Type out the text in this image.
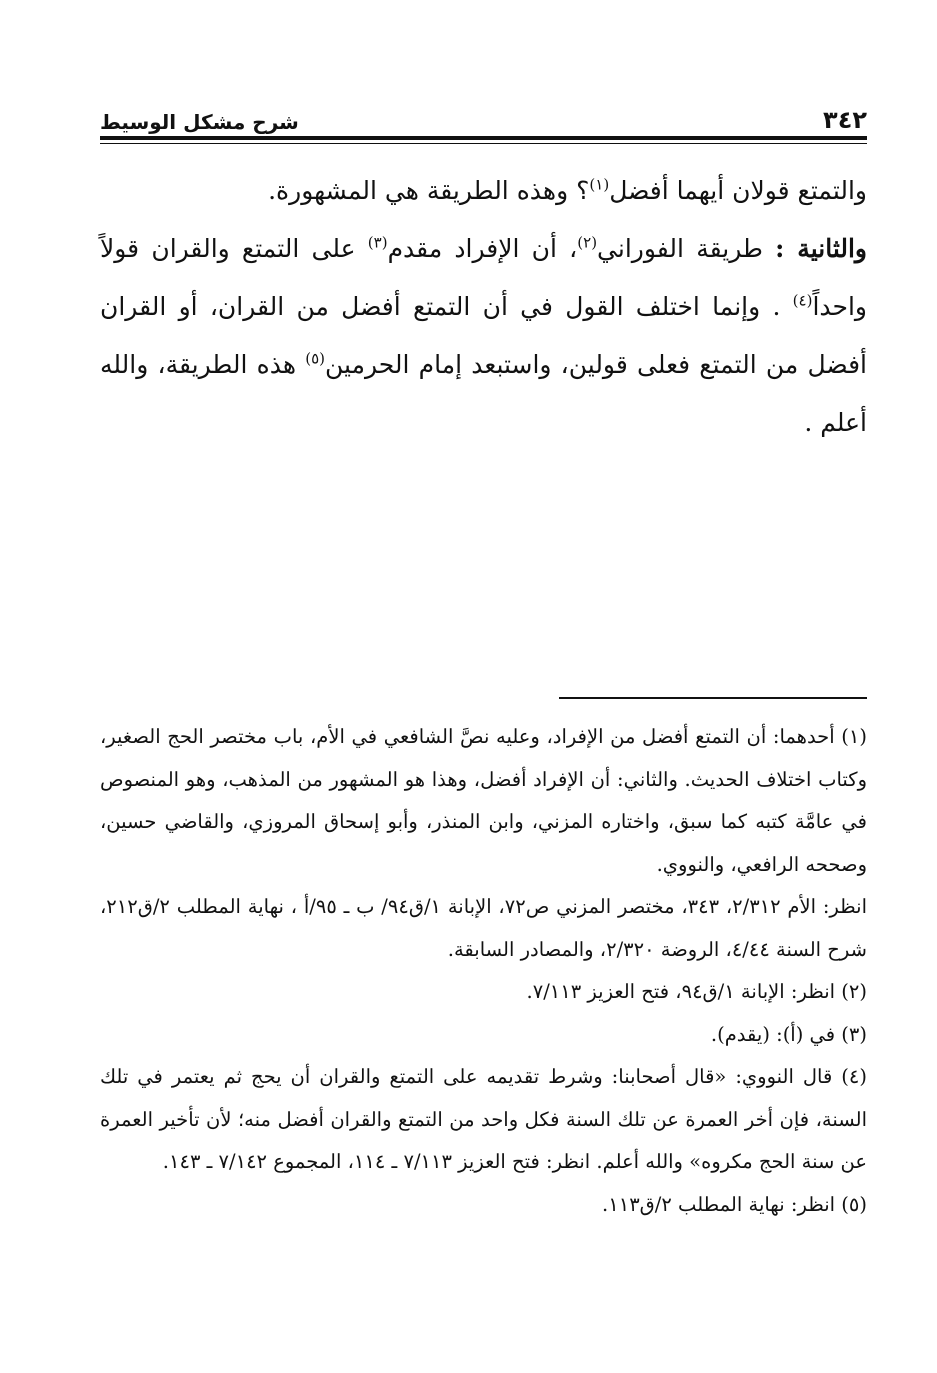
٣٤٢
شرح مشكل الوسيط

والتمتع قولان أيهما أفضل$^{(١)}$؟ وهذه الطريقة هي المشهورة.

والثانية : طريقة الفوراني$^{(٢)}$، أن الإفراد مقدم$^{(٣)}$ على التمتع والقران قولاً واحداً$^{(٤)}$ . وإنما اختلف القول في أن التمتع أفضل من القران، أو القران أفضل من التمتع فعلى قولين، واستبعد إمام الحرمين$^{(٥)}$ هذه الطريقة، والله أعلم .

(١) أحدهما: أن التمتع أفضل من الإفراد، وعليه نصَّ الشافعي في الأم، باب مختصر الحج الصغير، وكتاب اختلاف الحديث. والثاني: أن الإفراد أفضل، وهذا هو المشهور من المذهب، وهو المنصوص في عامَّة كتبه كما سبق، واختاره المزني، وابن المنذر، وأبو إسحاق المروزي، والقاضي حسين، وصححه الرافعي، والنووي.

انظر: الأم ٢/٣١٢، ٣٤٣، مختصر المزني ص٧٢، الإبانة ١/ق٩٤/ ب ـ ٩٥/أ ، نهاية المطلب ٢/ق٢١٢، شرح السنة ٤/٤٤، الروضة ٢/٣٢٠، والمصادر السابقة.

(٢) انظر: الإبانة ١/ق٩٤، فتح العزيز ٧/١١٣.

(٣) في (أ): (يقدم).

(٤) قال النووي: «قال أصحابنا: وشرط تقديمه على التمتع والقران أن يحج ثم يعتمر في تلك السنة، فإن أخر العمرة عن تلك السنة فكل واحد من التمتع والقران أفضل منه؛ لأن تأخير العمرة عن سنة الحج مكروه» والله أعلم. انظر: فتح العزيز ٧/١١٣ ـ ١١٤، المجموع ٧/١٤٢ ـ ١٤٣.

(٥) انظر: نهاية المطلب ٢/ق١١٣.
